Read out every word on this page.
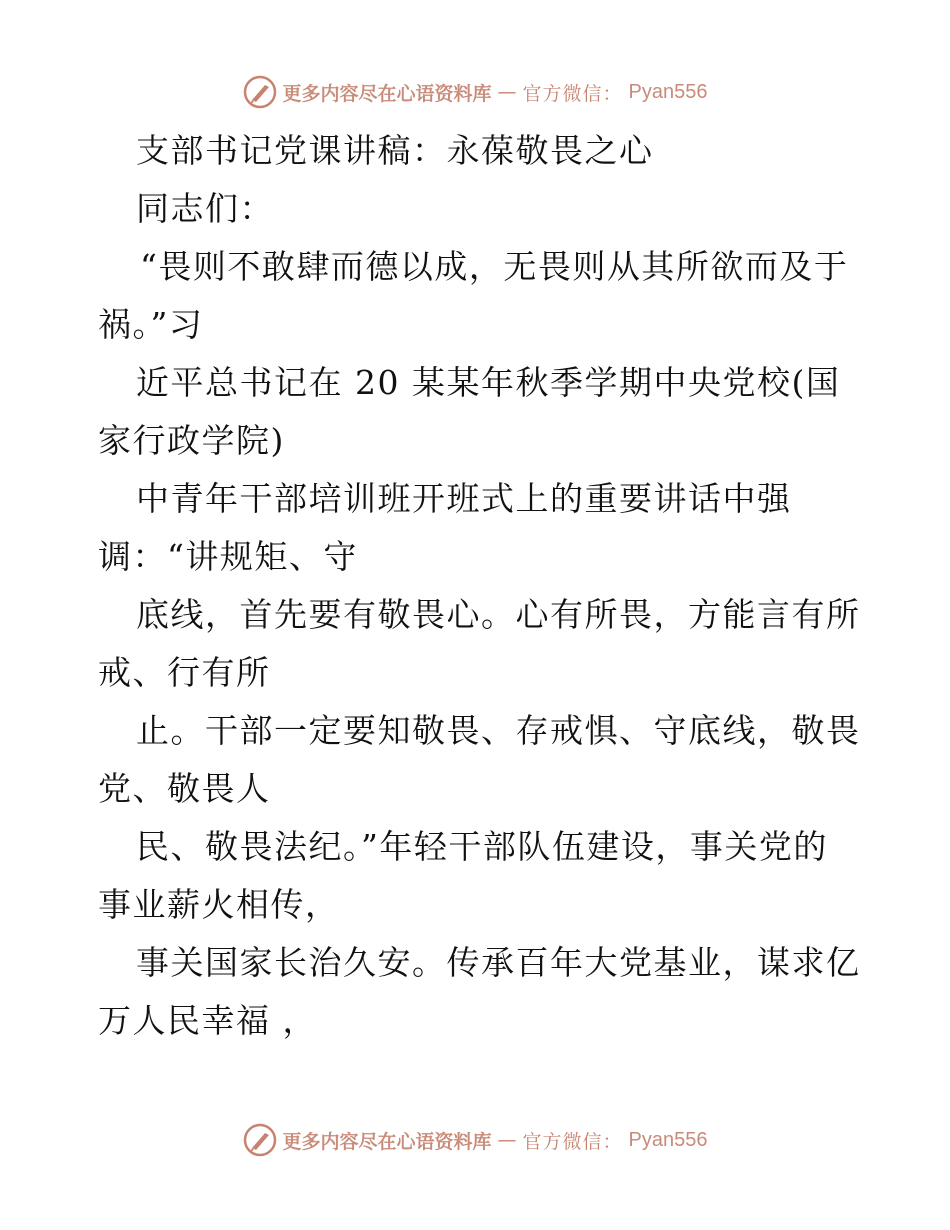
更多内容尽在心语资料库 — 官方微信： Pyan556
支部书记党课讲稿：永葆敬畏之心
同志们：
“畏则不敢肆而德以成，无畏则从其所欲而及于
祸。”习
近平总书记在 20 某某年秋季学期中央党校(国
家行政学院)
中青年干部培训班开班式上的重要讲话中强
调：“讲规矩、守
底线，首先要有敬畏心。心有所畏，方能言有所
戒、行有所
止。干部一定要知敬畏、存戒惧、守底线，敬畏
党、敬畏人
民、敬畏法纪。”年轻干部队伍建设，事关党的
事业薪火相传，
事关国家长治久安。传承百年大党基业，谋求亿
万人民幸福 ，
更多内容尽在心语资料库 — 官方微信： Pyan556
